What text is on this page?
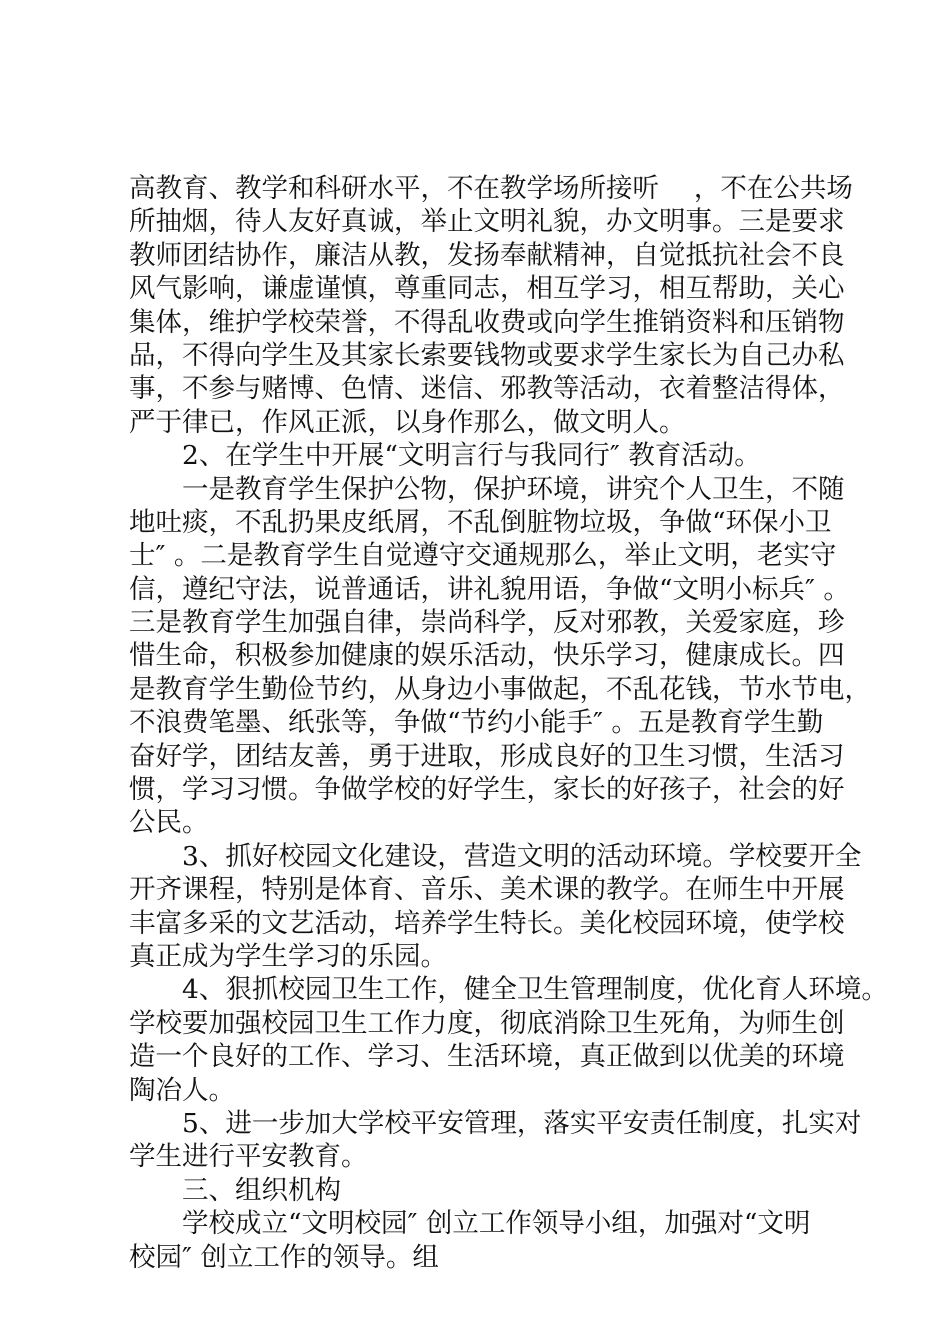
高教育、教学和科研水平，不在教学场所接听　 ，不在公共场
所抽烟，待人友好真诚，举止文明礼貌，办文明事。三是要求
教师团结协作，廉洁从教，发扬奉献精神，自觉抵抗社会不良
风气影响，谦虚谨慎，尊重同志，相互学习，相互帮助，关心
集体，维护学校荣誉，不得乱收费或向学生推销资料和压销物
品，不得向学生及其家长索要钱物或要求学生家长为自己办私
事，不参与赌博、色情、迷信、邪教等活动，衣着整洁得体，
严于律已，作风正派，以身作那么，做文明人。
2、在学生中开展“文明言行与我同行″ 教育活动。
一是教育学生保护公物，保护环境，讲究个人卫生，不随
地吐痰，不乱扔果皮纸屑，不乱倒脏物垃圾，争做“环保小卫
士″ 。二是教育学生自觉遵守交通规那么，举止文明，老实守
信，遵纪守法，说普通话，讲礼貌用语，争做“文明小标兵″ 。
三是教育学生加强自律，崇尚科学，反对邪教，关爱家庭，珍
惜生命，积极参加健康的娱乐活动，快乐学习，健康成长。四
是教育学生勤俭节约，从身边小事做起，不乱花钱，节水节电，
不浪费笔墨、纸张等，争做“节约小能手″ 。五是教育学生勤
奋好学，团结友善，勇于进取，形成良好的卫生习惯，生活习
惯，学习习惯。争做学校的好学生，家长的好孩子，社会的好
公民。
3、抓好校园文化建设，营造文明的活动环境。学校要开全
开齐课程，特别是体育、音乐、美术课的教学。在师生中开展
丰富多采的文艺活动，培养学生特长。美化校园环境，使学校
真正成为学生学习的乐园。
4、狠抓校园卫生工作，健全卫生管理制度，优化育人环境。
学校要加强校园卫生工作力度，彻底消除卫生死角，为师生创
造一个良好的工作、学习、生活环境，真正做到以优美的环境
陶冶人。
5、进一步加大学校平安管理，落实平安责任制度，扎实对
学生进行平安教育。
三、组织机构
学校成立“文明校园″ 创立工作领导小组，加强对“文明
校园″ 创立工作的领导。组
